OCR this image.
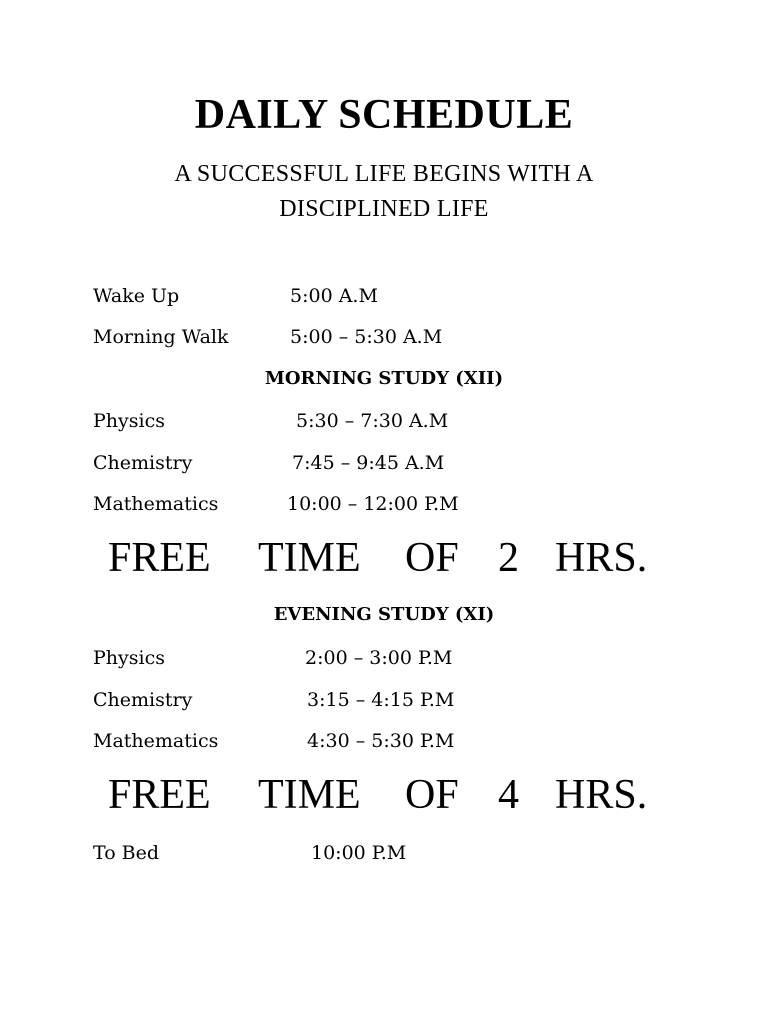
DAILY SCHEDULE
A SUCCESSFUL LIFE BEGINS WITH A
DISCIPLINED LIFE
Wake Up	5:00 A.M
Morning Walk	5:00 – 5:30 A.M
MORNING STUDY (XII)
Physics	5:30 – 7:30 A.M
Chemistry	7:45 – 9:45 A.M
Mathematics	10:00 – 12:00 P.M
FREE TIME OF 2 HRS.
EVENING STUDY (XI)
Physics	2:00 – 3:00 P.M
Chemistry	3:15 – 4:15 P.M
Mathematics	4:30 – 5:30 P.M
FREE TIME OF 4 HRS.
To Bed	10:00 P.M
